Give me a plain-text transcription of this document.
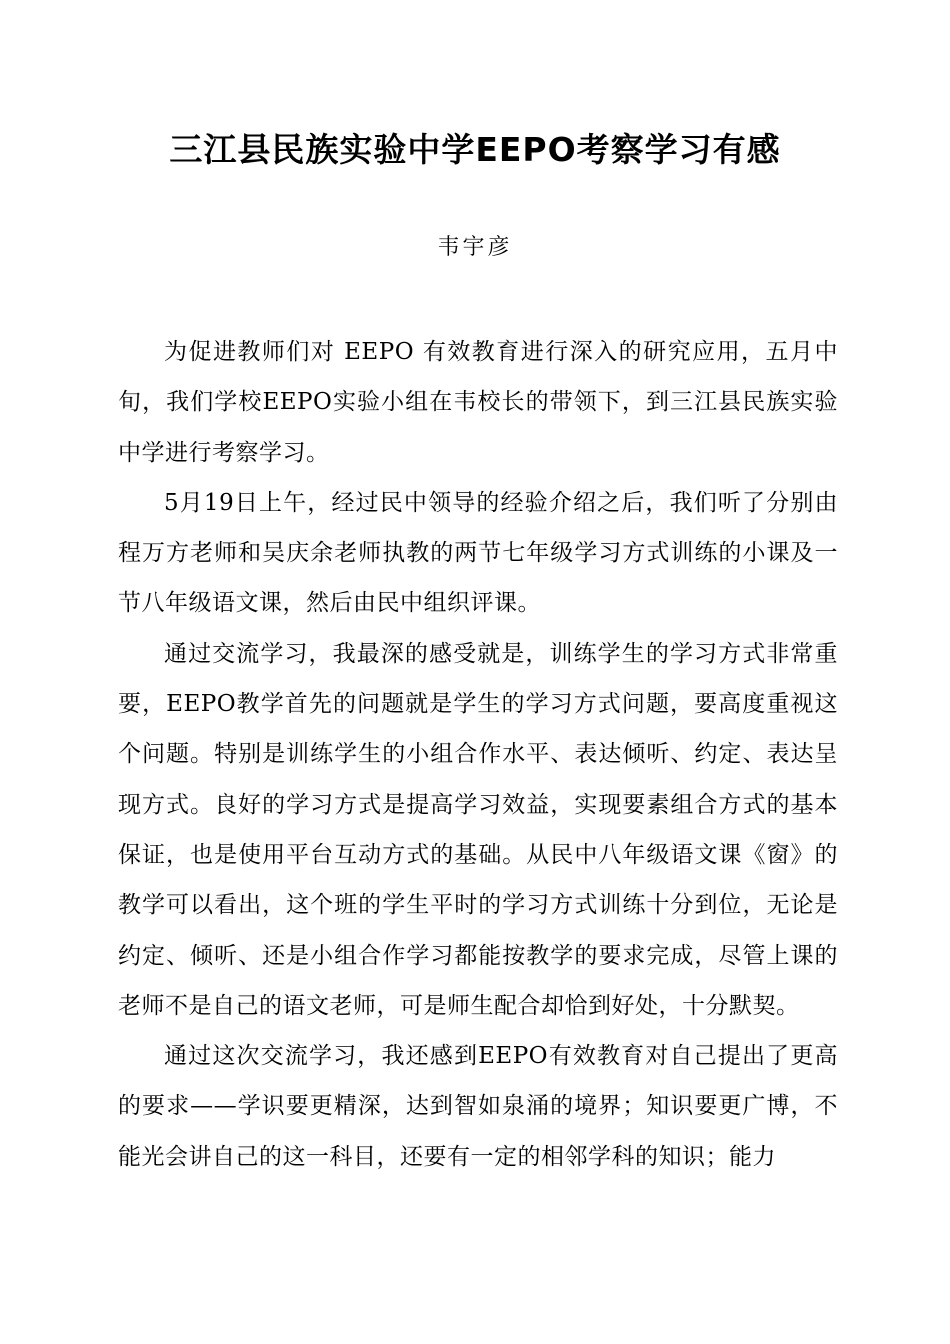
三江县民族实验中学EEPO考察学习有感
韦宇彦

为促进教师们对 EEPO 有效教育进行深入的研究应用，五月中旬，我们学校EEPO实验小组在韦校长的带领下，到三江县民族实验中学进行考察学习。

5月19日上午，经过民中领导的经验介绍之后，我们听了分别由程万方老师和吴庆余老师执教的两节七年级学习方式训练的小课及一节八年级语文课，然后由民中组织评课。

通过交流学习，我最深的感受就是，训练学生的学习方式非常重要，EEPO教学首先的问题就是学生的学习方式问题，要高度重视这个问题。特别是训练学生的小组合作水平、表达倾听、约定、表达呈现方式。良好的学习方式是提高学习效益，实现要素组合方式的基本保证，也是使用平台互动方式的基础。从民中八年级语文课《窗》的教学可以看出，这个班的学生平时的学习方式训练十分到位，无论是约定、倾听、还是小组合作学习都能按教学的要求完成，尽管上课的老师不是自己的语文老师，可是师生配合却恰到好处，十分默契。

通过这次交流学习，我还感到EEPO有效教育对自己提出了更高的要求——学识要更精深，达到智如泉涌的境界；知识要更广博，不能光会讲自己的这一科目，还要有一定的相邻学科的知识；能力
